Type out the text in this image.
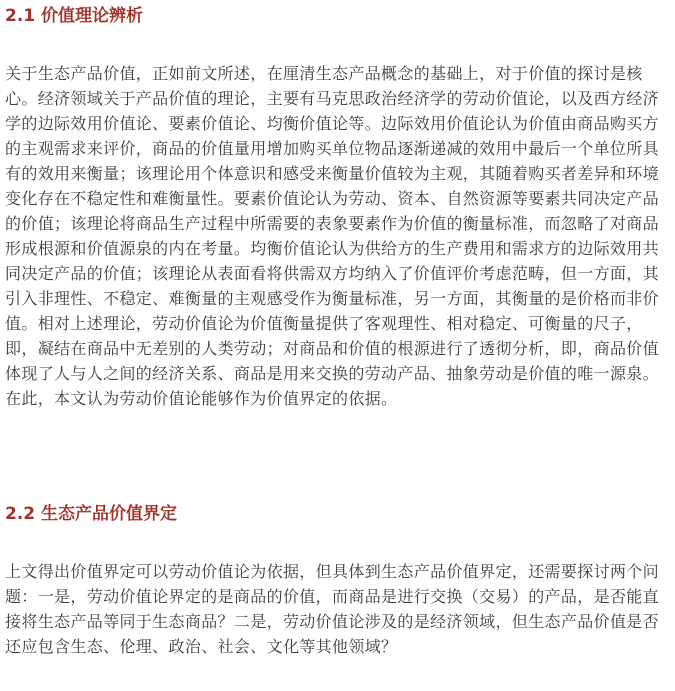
2.1 价值理论辨析

关于生态产品价值，正如前文所述，在厘清生态产品概念的基础上，对于价值的探讨是核
心。经济领域关于产品价值的理论，主要有马克思政治经济学的劳动价值论，以及西方经济
学的边际效用价值论、要素价值论、均衡价值论等。边际效用价值论认为价值由商品购买方
的主观需求来评价，商品的价值量用增加购买单位物品逐渐递减的效用中最后一个单位所具
有的效用来衡量；该理论用个体意识和感受来衡量价值较为主观，其随着购买者差异和环境
变化存在不稳定性和难衡量性。要素价值论认为劳动、资本、自然资源等要素共同决定产品
的价值；该理论将商品生产过程中所需要的表象要素作为价值的衡量标准，而忽略了对商品
形成根源和价值源泉的内在考量。均衡价值论认为供给方的生产费用和需求方的边际效用共
同决定产品的价值；该理论从表面看将供需双方均纳入了价值评价考虑范畴，但一方面，其
引入非理性、不稳定、难衡量的主观感受作为衡量标准，另一方面，其衡量的是价格而非价
值。相对上述理论，劳动价值论为价值衡量提供了客观理性、相对稳定、可衡量的尺子，
即，凝结在商品中无差别的人类劳动；对商品和价值的根源进行了透彻分析，即，商品价值
体现了人与人之间的经济关系、商品是用来交换的劳动产品、抽象劳动是价值的唯一源泉。
在此，本文认为劳动价值论能够作为价值界定的依据。

2.2 生态产品价值界定

上文得出价值界定可以劳动价值论为依据，但具体到生态产品价值界定，还需要探讨两个问
题：一是，劳动价值论界定的是商品的价值，而商品是进行交换（交易）的产品，是否能直
接将生态产品等同于生态商品？二是，劳动价值论涉及的是经济领域，但生态产品价值是否
还应包含生态、伦理、政治、社会、文化等其他领域？
